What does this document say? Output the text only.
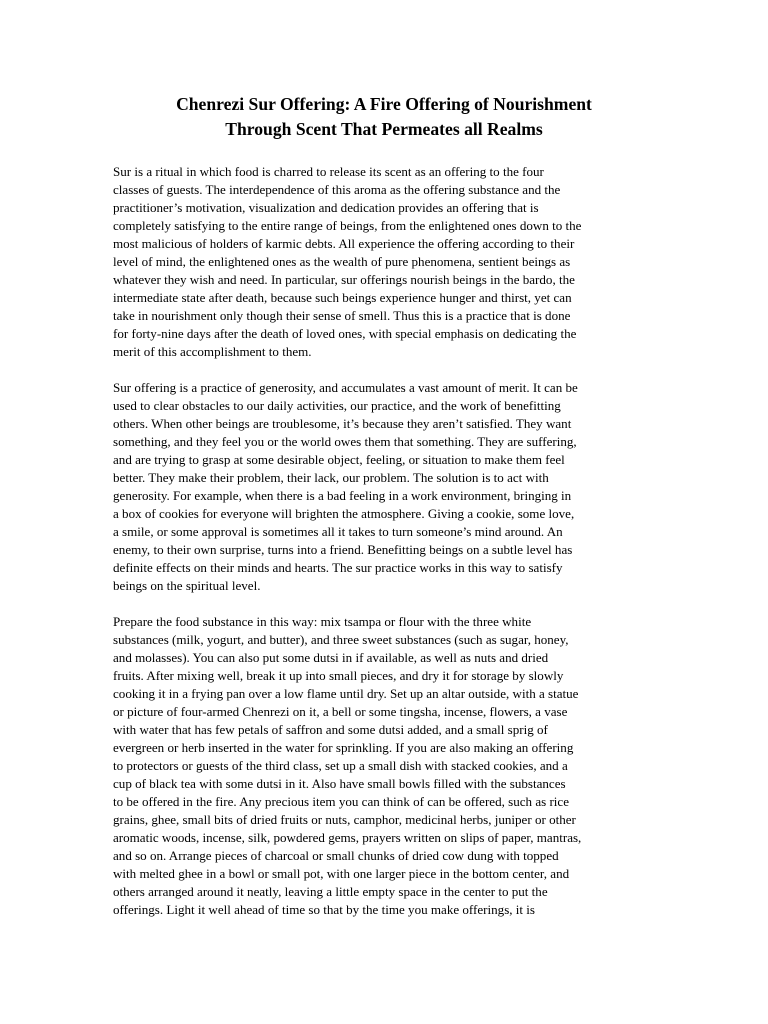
Chenrezi Sur Offering: A Fire Offering of Nourishment
Through Scent That Permeates all Realms

Sur is a ritual in which food is charred to release its scent as an offering to the four
classes of guests. The interdependence of this aroma as the offering substance and the
practitioner’s motivation, visualization and dedication provides an offering that is
completely satisfying to the entire range of beings, from the enlightened ones down to the
most malicious of holders of karmic debts. All experience the offering according to their
level of mind, the enlightened ones as the wealth of pure phenomena, sentient beings as
whatever they wish and need. In particular, sur offerings nourish beings in the bardo, the
intermediate state after death, because such beings experience hunger and thirst, yet can
take in nourishment only though their sense of smell. Thus this is a practice that is done
for forty-nine days after the death of loved ones, with special emphasis on dedicating the
merit of this accomplishment to them.

Sur offering is a practice of generosity, and accumulates a vast amount of merit. It can be
used to clear obstacles to our daily activities, our practice, and the work of benefitting
others. When other beings are troublesome, it’s because they aren’t satisfied. They want
something, and they feel you or the world owes them that something. They are suffering,
and are trying to grasp at some desirable object, feeling, or situation to make them feel
better. They make their problem, their lack, our problem. The solution is to act with
generosity. For example, when there is a bad feeling in a work environment, bringing in
a box of cookies for everyone will brighten the atmosphere. Giving a cookie, some love,
a smile, or some approval is sometimes all it takes to turn someone’s mind around. An
enemy, to their own surprise, turns into a friend. Benefitting beings on a subtle level has
definite effects on their minds and hearts. The sur practice works in this way to satisfy
beings on the spiritual level.

Prepare the food substance in this way: mix tsampa or flour with the three white
substances (milk, yogurt, and butter), and three sweet substances (such as sugar, honey,
and molasses). You can also put some dutsi in if available, as well as nuts and dried
fruits. After mixing well, break it up into small pieces, and dry it for storage by slowly
cooking it in a frying pan over a low flame until dry. Set up an altar outside, with a statue
or picture of four-armed Chenrezi on it, a bell or some tingsha, incense, flowers, a vase
with water that has few petals of saffron and some dutsi added, and a small sprig of
evergreen or herb inserted in the water for sprinkling. If you are also making an offering
to protectors or guests of the third class, set up a small dish with stacked cookies, and a
cup of black tea with some dutsi in it. Also have small bowls filled with the substances
to be offered in the fire. Any precious item you can think of can be offered, such as rice
grains, ghee, small bits of dried fruits or nuts, camphor, medicinal herbs, juniper or other
aromatic woods, incense, silk, powdered gems, prayers written on slips of paper, mantras,
and so on. Arrange pieces of charcoal or small chunks of dried cow dung with topped
with melted ghee in a bowl or small pot, with one larger piece in the bottom center, and
others arranged around it neatly, leaving a little empty space in the center to put the
offerings. Light it well ahead of time so that by the time you make offerings, it is
